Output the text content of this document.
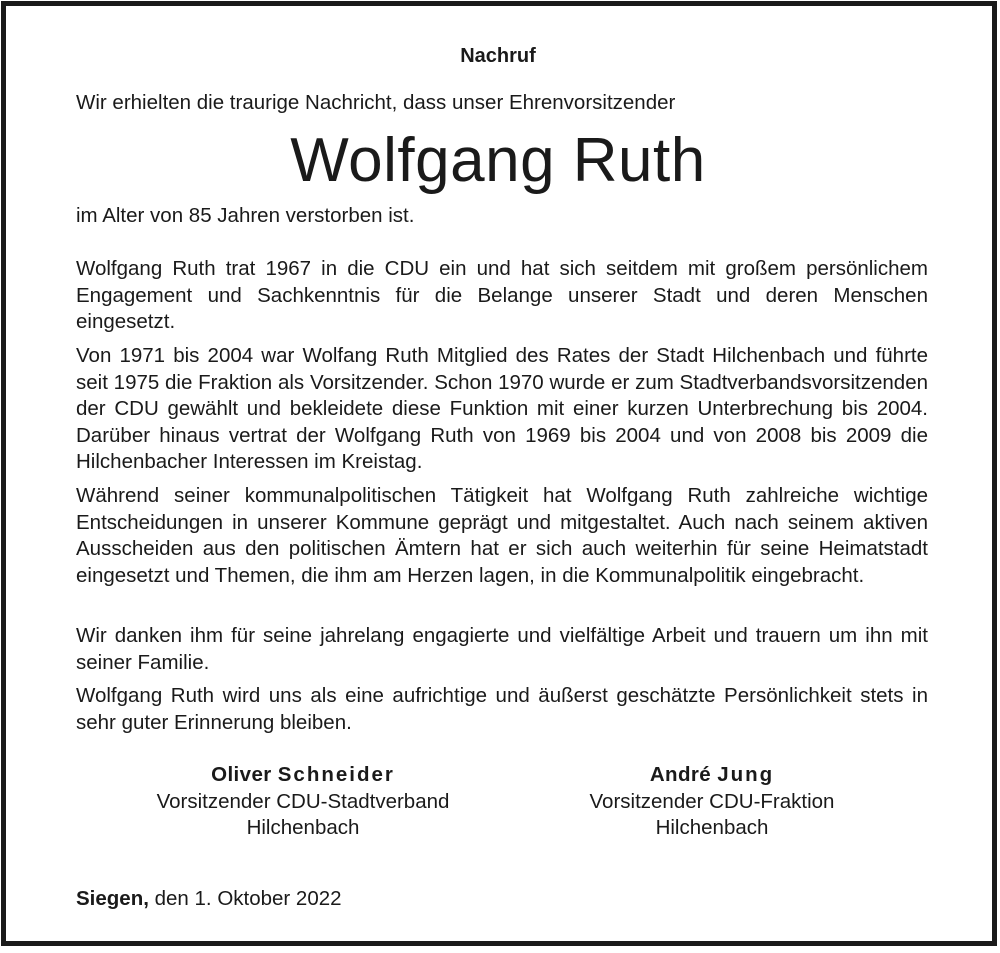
Nachruf
Wir erhielten die traurige Nachricht, dass unser Ehrenvorsitzender
Wolfgang Ruth
im Alter von 85 Jahren verstorben ist.
Wolfgang Ruth trat 1967 in die CDU ein und hat sich seitdem mit großem persönlichem Engagement und Sachkenntnis für die Belange unserer Stadt und deren Menschen eingesetzt.
Von 1971 bis 2004 war Wolfang Ruth Mitglied des Rates der Stadt Hilchenbach und führte seit 1975 die Fraktion als Vorsitzender. Schon 1970 wurde er zum Stadtverbandsvorsitzenden der CDU gewählt und bekleidete diese Funktion mit einer kurzen Unterbrechung bis 2004. Darüber hinaus vertrat der Wolfgang Ruth von 1969 bis 2004 und von 2008 bis 2009 die Hilchenbacher Interessen im Kreistag.
Während seiner kommunalpolitischen Tätigkeit hat Wolfgang Ruth zahlreiche wichtige Entscheidungen in unserer Kommune geprägt und mitgestaltet. Auch nach seinem aktiven Ausscheiden aus den politischen Ämtern hat er sich auch weiterhin für seine Heimatstadt eingesetzt und Themen, die ihm am Herzen lagen, in die Kommunalpolitik eingebracht.
Wir danken ihm für seine jahrelang engagierte und vielfältige Arbeit und trauern um ihn mit seiner Familie.
Wolfgang Ruth wird uns als eine aufrichtige und äußerst geschätzte Persönlichkeit stets in sehr guter Erinnerung bleiben.
Oliver Schneider
Vorsitzender CDU-Stadtverband
Hilchenbach
André Jung
Vorsitzender CDU-Fraktion
Hilchenbach
Siegen, den 1. Oktober 2022
